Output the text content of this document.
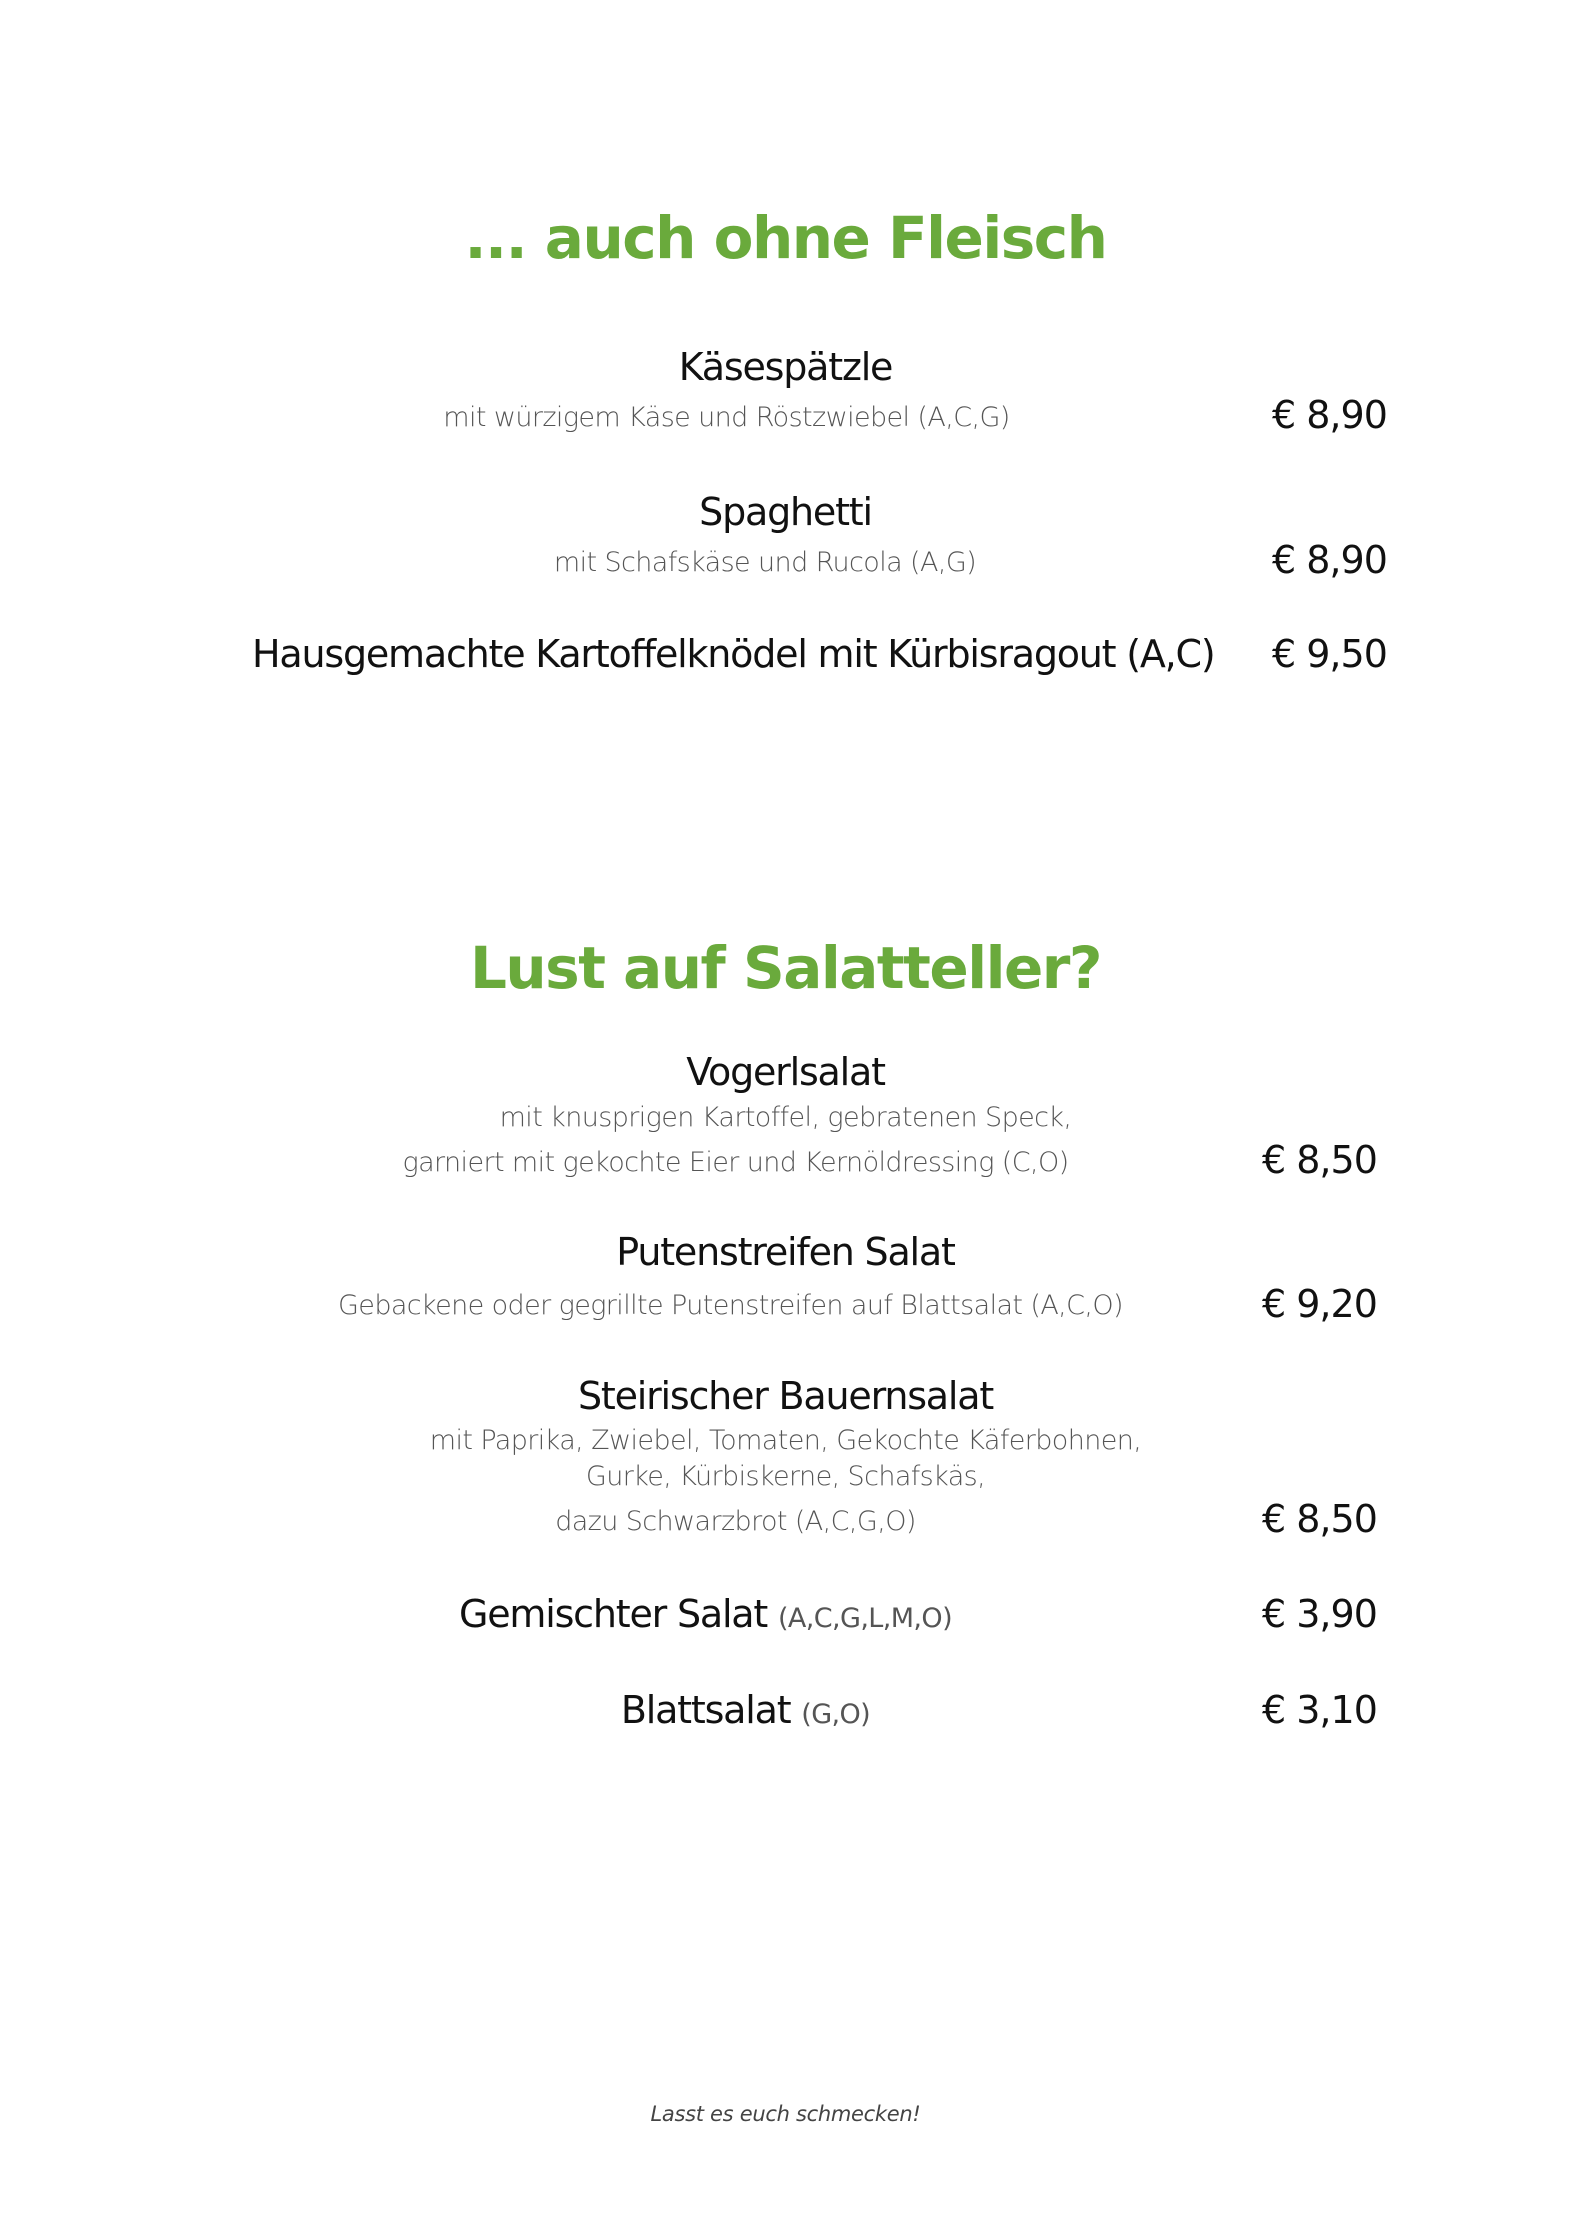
... auch ohne Fleisch
Käsespätzle
mit würzigem Käse und Röstzwiebel (A,C,G)	€ 8,90
Spaghetti
mit Schafskäse und Rucola (A,G)	€ 8,90
Hausgemachte Kartoffelknödel mit Kürbisragout (A,C) € 9,50
Lust auf Salatteller?
Vogerlsalat
mit knusprigen Kartoffel, gebratenen Speck,
garniert mit gekochte Eier und Kernöldressing (C,O)	€ 8,50
Putenstreifen Salat
Gebackene oder gegrillte Putenstreifen auf Blattsalat (A,C,O)	€ 9,20
Steirischer Bauernsalat
mit Paprika, Zwiebel, Tomaten, Gekochte Käferbohnen,
Gurke, Kürbiskerne, Schafskäs,
dazu Schwarzbrot (A,C,G,O)	€ 8,50
Gemischter Salat (A,C,G,L,M,O)	€ 3,90
Blattsalat (G,O)	€ 3,10
Lasst es euch schmecken!
